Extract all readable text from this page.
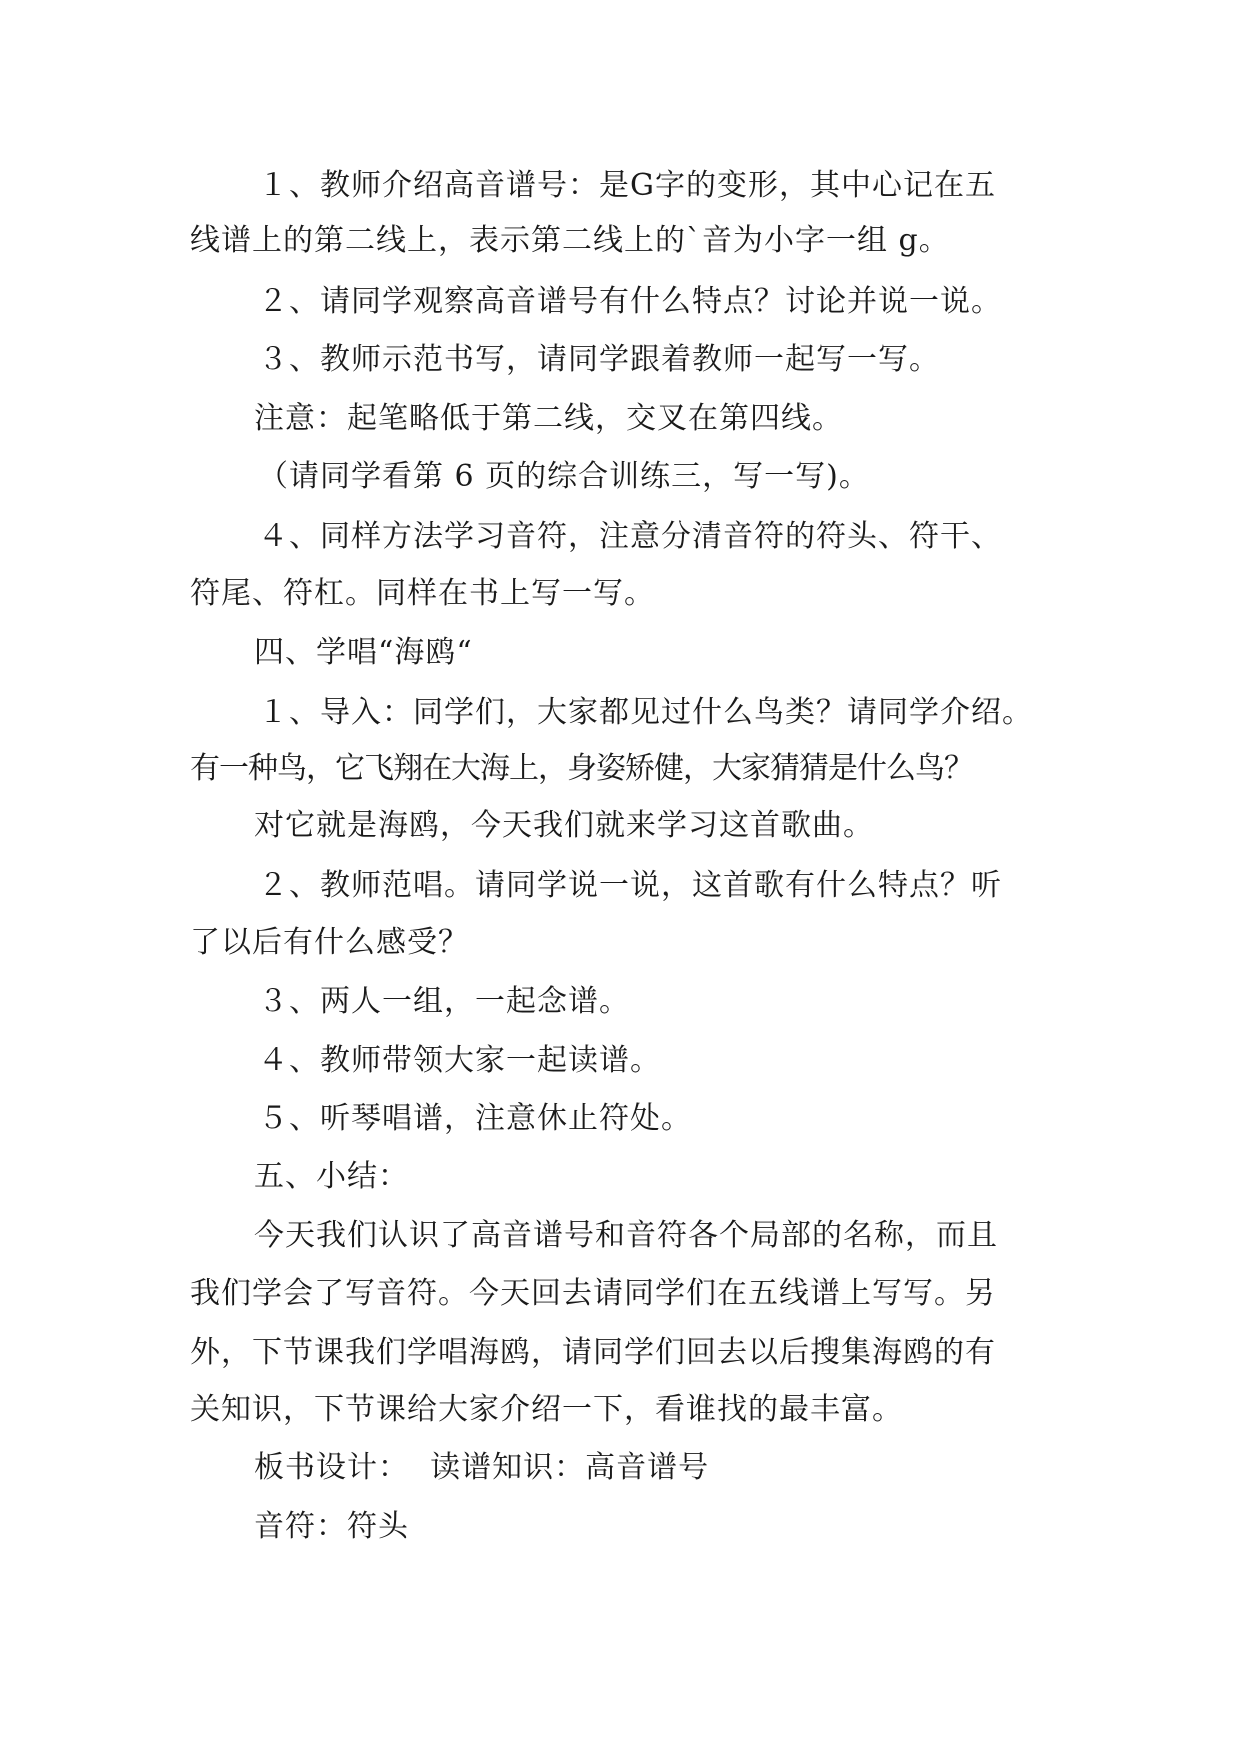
１、教师介绍高音谱号：是G字的变形，其中心记在五
线谱上的第二线上，表示第二线上的`音为小字一组 g。
２、请同学观察高音谱号有什么特点？讨论并说一说。
３、教师示范书写，请同学跟着教师一起写一写。
注意：起笔略低于第二线，交叉在第四线。
（请同学看第 6 页的综合训练三，写一写)。
４、同样方法学习音符，注意分清音符的符头、符干、
符尾、符杠。同样在书上写一写。
四、学唱“海鸥“
１、导入：同学们，大家都见过什么鸟类？请同学介绍。
有一种鸟，它飞翔在大海上，身姿矫健，大家猜猜是什么鸟？
对它就是海鸥，今天我们就来学习这首歌曲。
２、教师范唱。请同学说一说，这首歌有什么特点？听
了以后有什么感受？
３、两人一组，一起念谱。
４、教师带领大家一起读谱。
５、听琴唱谱，注意休止符处。
五、小结：
今天我们认识了高音谱号和音符各个局部的名称，而且
我们学会了写音符。今天回去请同学们在五线谱上写写。另
外，下节课我们学唱海鸥，请同学们回去以后搜集海鸥的有
关知识，下节课给大家介绍一下，看谁找的最丰富。
板书设计：  读谱知识：高音谱号
音符：符头
